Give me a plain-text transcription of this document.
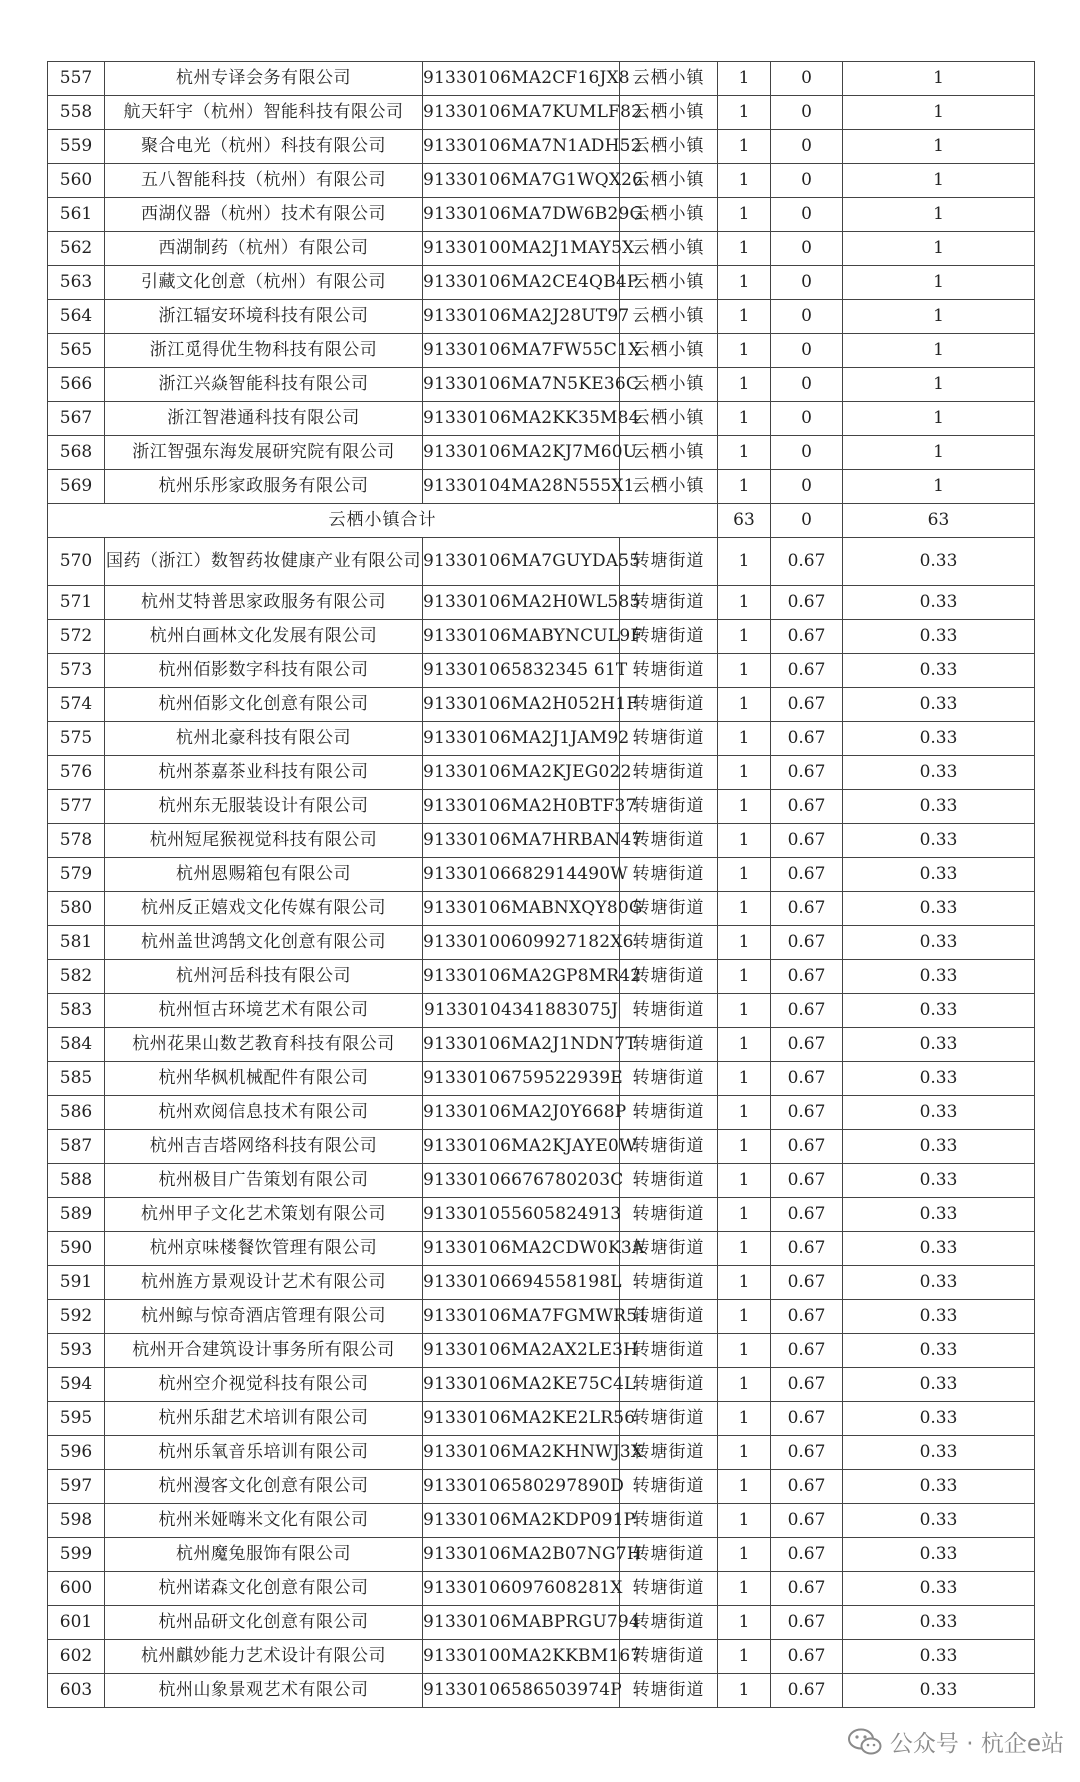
557	杭州专译会务有限公司	91330106MA2CF16JX8	云栖小镇	1	0	1
558	航天轩宇（杭州）智能科技有限公司	91330106MA7KUMLF82	云栖小镇	1	0	1
559	聚合电光（杭州）科技有限公司	91330106MA7N1ADH52	云栖小镇	1	0	1
560	五八智能科技（杭州）有限公司	91330106MA7G1WQX26	云栖小镇	1	0	1
561	西湖仪器（杭州）技术有限公司	91330106MA7DW6B29G	云栖小镇	1	0	1
562	西湖制药（杭州）有限公司	91330100MA2J1MAY5X	云栖小镇	1	0	1
563	引藏文化创意（杭州）有限公司	91330106MA2CE4QB4P	云栖小镇	1	0	1
564	浙江辐安环境科技有限公司	91330106MA2J28UT97	云栖小镇	1	0	1
565	浙江觅得优生物科技有限公司	91330106MA7FW55C1X	云栖小镇	1	0	1
566	浙江兴焱智能科技有限公司	91330106MA7N5KE36C	云栖小镇	1	0	1
567	浙江智港通科技有限公司	91330106MA2KK35M84	云栖小镇	1	0	1
568	浙江智强东海发展研究院有限公司	91330106MA2KJ7M60U	云栖小镇	1	0	1
569	杭州乐彤家政服务有限公司	91330104MA28N555X1	云栖小镇	1	0	1
云栖小镇合计				63	0	63
570	国药（浙江）数智药妆健康产业有限公司	91330106MA7GUYDA55	转塘街道	1	0.67	0.33
571	杭州艾特普思家政服务有限公司	91330106MA2H0WL585	转塘街道	1	0.67	0.33
572	杭州白画林文化发展有限公司	91330106MABYNCUL9F	转塘街道	1	0.67	0.33
573	杭州佰影数字科技有限公司	913301065832345 61T	转塘街道	1	0.67	0.33
574	杭州佰影文化创意有限公司	91330106MA2H052H1F	转塘街道	1	0.67	0.33
575	杭州北豪科技有限公司	91330106MA2J1JAM92	转塘街道	1	0.67	0.33
576	杭州茶嘉茶业科技有限公司	91330106MA2KJEG022	转塘街道	1	0.67	0.33
577	杭州东无服装设计有限公司	91330106MA2H0BTF37	转塘街道	1	0.67	0.33
578	杭州短尾猴视觉科技有限公司	91330106MA7HRBAN47	转塘街道	1	0.67	0.33
579	杭州恩赐箱包有限公司	91330106682914490W	转塘街道	1	0.67	0.33
580	杭州反正嬉戏文化传媒有限公司	91330106MABNXQY80G	转塘街道	1	0.67	0.33
581	杭州盖世鸿鹄文化创意有限公司	91330100609927182X6	转塘街道	1	0.67	0.33
582	杭州河岳科技有限公司	91330106MA2GP8MR42	转塘街道	1	0.67	0.33
583	杭州恒古环境艺术有限公司	91330104341883075J	转塘街道	1	0.67	0.33
584	杭州花果山数艺教育科技有限公司	91330106MA2J1NDN7T	转塘街道	1	0.67	0.33
585	杭州华枫机械配件有限公司	91330106759522939E	转塘街道	1	0.67	0.33
586	杭州欢阅信息技术有限公司	91330106MA2J0Y668P	转塘街道	1	0.67	0.33
587	杭州吉吉塔网络科技有限公司	91330106MA2KJAYE0W	转塘街道	1	0.67	0.33
588	杭州极目广告策划有限公司	91330106676780203C	转塘街道	1	0.67	0.33
589	杭州甲子文化艺术策划有限公司	913301055605824913	转塘街道	1	0.67	0.33
590	杭州京味楼餐饮管理有限公司	91330106MA2CDW0K3A	转塘街道	1	0.67	0.33
591	杭州旌方景观设计艺术有限公司	91330106694558198L	转塘街道	1	0.67	0.33
592	杭州鲸与惊奇酒店管理有限公司	91330106MA7FGMWR51	转塘街道	1	0.67	0.33
593	杭州开合建筑设计事务所有限公司	91330106MA2AX2LE3H	转塘街道	1	0.67	0.33
594	杭州空介视觉科技有限公司	91330106MA2KE75C4L	转塘街道	1	0.67	0.33
595	杭州乐甜艺术培训有限公司	91330106MA2KE2LR56	转塘街道	1	0.67	0.33
596	杭州乐氧音乐培训有限公司	91330106MA2KHNWJ3X	转塘街道	1	0.67	0.33
597	杭州漫客文化创意有限公司	91330106580297890D	转塘街道	1	0.67	0.33
598	杭州米娅嗨米文化有限公司	91330106MA2KDP091P	转塘街道	1	0.67	0.33
599	杭州魔兔服饰有限公司	91330106MA2B07NG7H	转塘街道	1	0.67	0.33
600	杭州诺森文化创意有限公司	91330106097608281X	转塘街道	1	0.67	0.33
601	杭州品研文化创意有限公司	91330106MABPRGU794	转塘街道	1	0.67	0.33
602	杭州麒妙能力艺术设计有限公司	91330100MA2KKBM167	转塘街道	1	0.67	0.33
603	杭州山象景观艺术有限公司	91330106586503974P	转塘街道	1	0.67	0.33
公众号 · 杭企e站
